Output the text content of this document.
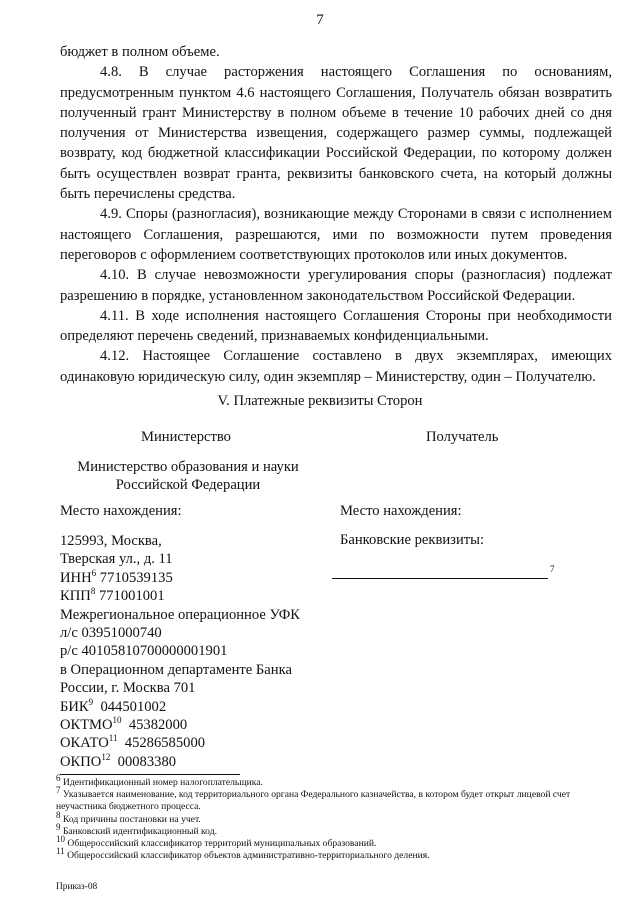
7

бюджет в полном объеме.

4.8. В случае расторжения настоящего Соглашения по основаниям, предусмотренным пунктом 4.6 настоящего Соглашения, Получатель обязан возвратить полученный грант Министерству в полном объеме в течение 10 рабочих дней со дня получения от Министерства извещения, содержащего размер суммы, подлежащей возврату, код бюджетной классификации Российской Федерации, по которому должен быть осуществлен возврат гранта, реквизиты банковского счета, на который должны быть перечислены средства.

4.9. Споры (разногласия), возникающие между Сторонами в связи с исполнением настоящего Соглашения, разрешаются, ими по возможности путем проведения переговоров с оформлением соответствующих протоколов или иных документов.

4.10. В случае невозможности урегулирования споры (разногласия) подлежат разрешению в порядке, установленном законодательством Российской Федерации.

4.11. В ходе исполнения настоящего Соглашения Стороны при необходимости определяют перечень сведений, признаваемых конфиденциальными.

4.12. Настоящее Соглашение составлено в двух экземплярах, имеющих одинаковую юридическую силу, один экземпляр – Министерству, один – Получателю.

V. Платежные реквизиты Сторон
Министерство	Получатель
Министерство образования и науки
Российской Федерации
Место нахождения:	Место нахождения:
Банковские реквизиты:
7
125993, Москва,
Тверская ул., д. 11
ИНН$^6$ 7710539135
КПП$^8$ 771001001
Межрегиональное операционное УФК
л/с 03951000740
р/с 40105810700000001901
в Операционном департаменте Банка
России, г. Москва 701
БИК$^9$  044501002
ОКТМО$^{10}$  45382000
ОКАТО$^{11}$  45286585000
ОКПО$^{12}$  00083380
$^6$ Идентификационный номер налогоплательщика.
$^7$ Указывается наименование, код территориального органа Федерального казначейства, в котором будет открыт лицевой счет неучастника бюджетного процесса.
$^8$ Код причины постановки на учет.
$^9$ Банковский идентификационный код.
$^{10}$ Общероссийский классификатор территорий муниципальных образований.
$^{11}$ Общероссийский классификатор объектов административно-территориального деления.
Приказ-08
